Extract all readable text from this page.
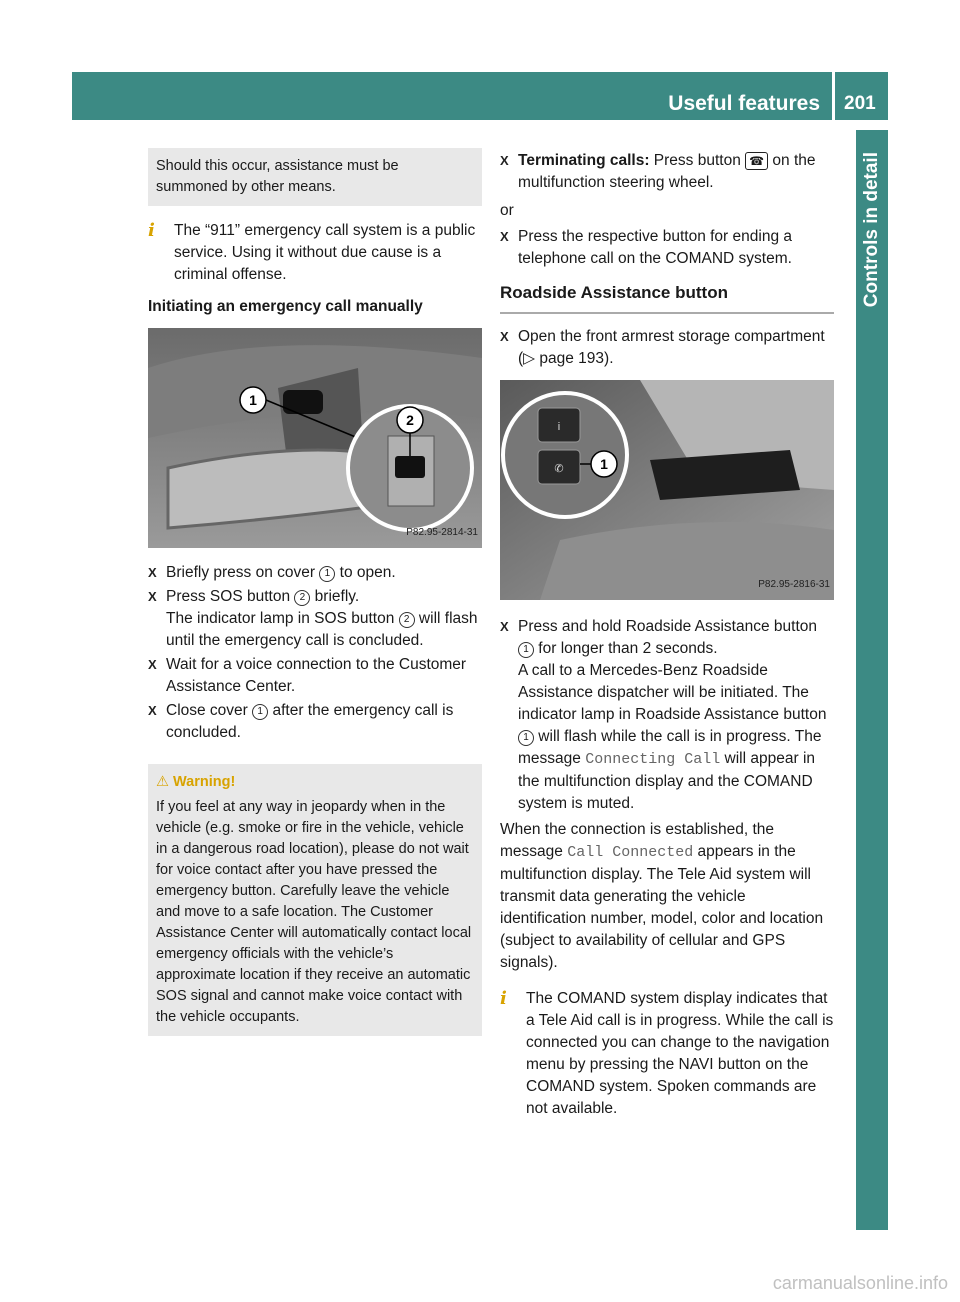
Useful features 201
Controls in detail
Should this occur, assistance must be summoned by other means.
i	The “911” emergency call system is a public service. Using it without due cause is a criminal offense.
Initiating an emergency call manually
1
2
P82.95-2814-31
X Briefly press on cover 1 to open.
X Press SOS button 2 briefly.
The indicator lamp in SOS button 2 will flash until the emergency call is concluded.
X Wait for a voice connection to the Customer Assistance Center.
X Close cover 1 after the emergency call is concluded.
⚠ Warning!
If you feel at any way in jeopardy when in the vehicle (e.g. smoke or fire in the vehicle, vehicle in a dangerous road location), please do not wait for voice contact after you have pressed the emergency button. Carefully leave the vehicle and move to a safe location. The Customer Assistance Center will automatically contact local emergency officials with the vehicle’s approximate location if they receive an automatic SOS signal and cannot make voice contact with the vehicle occupants.
X Terminating calls: Press button ☎ on the multifunction steering wheel.
or
X Press the respective button for ending a telephone call on the COMAND system.
Roadside Assistance button
X Open the front armrest storage compartment (▷ page 193).
i
✆	1
P82.95-2816-31
X Press and hold Roadside Assistance button 1 for longer than 2 seconds.
A call to a Mercedes-Benz Roadside Assistance dispatcher will be initiated. The indicator lamp in Roadside Assistance button 1 will flash while the call is in progress. The message Connecting Call will appear in the multifunction display and the COMAND system is muted.
When the connection is established, the message Call Connected appears in the multifunction display. The Tele Aid system will transmit data generating the vehicle identification number, model, color and location (subject to availability of cellular and GPS signals).
i	The COMAND system display indicates that a Tele Aid call is in progress. While the call is connected you can change to the navigation menu by pressing the NAVI button on the COMAND system. Spoken commands are not available.
carmanualsonline.info
